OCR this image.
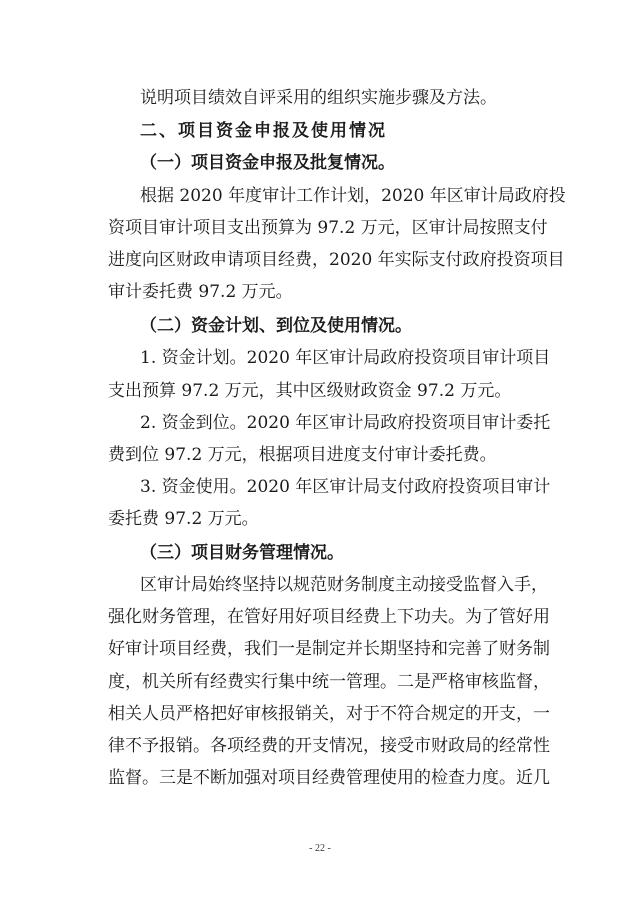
说明项目绩效自评采用的组织实施步骤及方法。

二、项目资金申报及使用情况

（一）项目资金申报及批复情况。

根据 2020 年度审计工作计划，2020 年区审计局政府投

资项目审计项目支出预算为 97.2 万元，区审计局按照支付

进度向区财政申请项目经费，2020 年实际支付政府投资项目

审计委托费 97.2 万元。

（二）资金计划、到位及使用情况。

1. 资金计划。2020 年区审计局政府投资项目审计项目

支出预算 97.2 万元，其中区级财政资金 97.2 万元。

2. 资金到位。2020 年区审计局政府投资项目审计委托

费到位 97.2 万元，根据项目进度支付审计委托费。

3. 资金使用。2020 年区审计局支付政府投资项目审计

委托费 97.2 万元。

（三）项目财务管理情况。

区审计局始终坚持以规范财务制度主动接受监督入手，

强化财务管理，在管好用好项目经费上下功夫。为了管好用

好审计项目经费，我们一是制定并长期坚持和完善了财务制

度，机关所有经费实行集中统一管理。二是严格审核监督，

相关人员严格把好审核报销关，对于不符合规定的开支，一

律不予报销。各项经费的开支情况，接受市财政局的经常性

监督。三是不断加强对项目经费管理使用的检查力度。近几

- 22 -
